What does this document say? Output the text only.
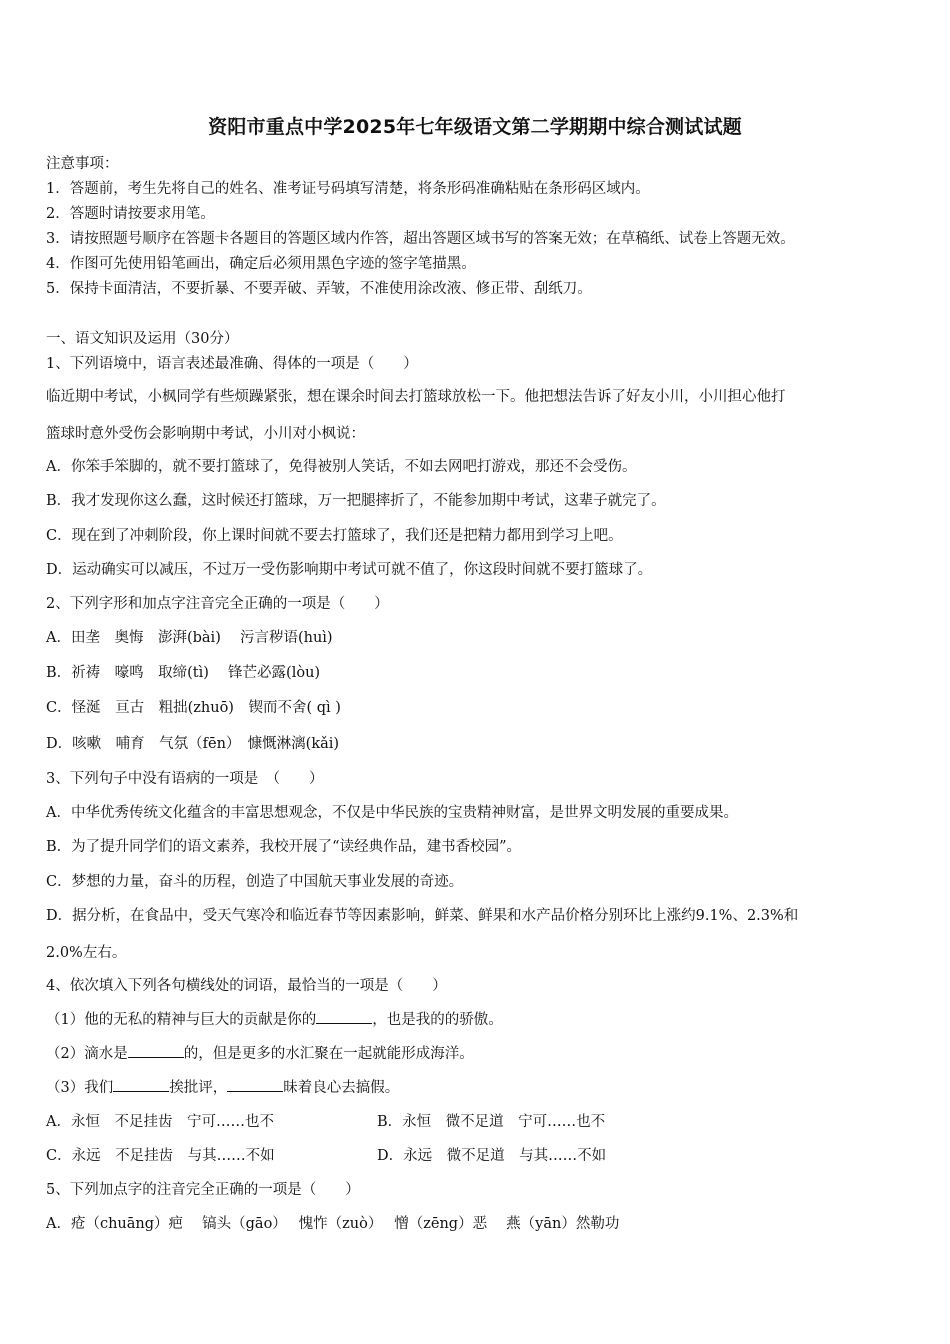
资阳市重点中学2025年七年级语文第二学期期中综合测试试题
注意事项：
1．答题前，考生先将自己的姓名、准考证号码填写清楚，将条形码准确粘贴在条形码区域内。
2．答题时请按要求用笔。
3．请按照题号顺序在答题卡各题目的答题区域内作答，超出答题区域书写的答案无效；在草稿纸、试卷上答题无效。
4．作图可先使用铅笔画出，确定后必须用黑色字迹的签字笔描黑。
5．保持卡面清洁，不要折暴、不要弄破、弄皱，不准使用涂改液、修正带、刮纸刀。
一、语文知识及运用（30分）
1、下列语境中，语言表述最准确、得体的一项是（　　）
临近期中考试，小枫同学有些烦躁紧张，想在课余时间去打篮球放松一下。他把想法告诉了好友小川，小川担心他打
篮球时意外受伤会影响期中考试，小川对小枫说：
A．你笨手笨脚的，就不要打篮球了，免得被别人笑话，不如去网吧打游戏，那还不会受伤。
B．我才发现你这么蠢，这时候还打篮球，万一把腿摔折了，不能参加期中考试，这辈子就完了。
C．现在到了冲刺阶段，你上课时间就不要去打篮球了，我们还是把精力都用到学习上吧。
D．运动确实可以减压，不过万一受伤影响期中考试可就不值了，你这段时间就不要打篮球了。
2、下列字形和加点字注音完全正确的一项是（　　）
A．田垄　奥悔　澎湃(bài)　 污言秽语(huì)
B．祈祷　嚎鸣　取缔(tì)　 锋芒必露(lòu)
C．怪涎　亘古　粗拙(zhuō)　锲而不舍( qì )
D．咳嗽　哺育　气氛（fēn）　慷慨淋漓(kǎi)
3、下列句子中没有语病的一项是　（　　）
A．中华优秀传统文化蕴含的丰富思想观念，不仅是中华民族的宝贵精神财富，是世界文明发展的重要成果。
B．为了提升同学们的语文素养，我校开展了“读经典作品，建书香校园”。
C．梦想的力量，奋斗的历程，创造了中国航天事业发展的奇迹。
D．据分析，在食品中，受天气寒冷和临近春节等因素影响，鲜菜、鲜果和水产品价格分别环比上涨约9.1%、2.3%和
2.0%左右。
4、依次填入下列各句横线处的词语，最恰当的一项是（　　）
（1）他的无私的精神与巨大的贡献是你的	，也是我的的骄傲。
（2）滴水是	的，但是更多的水汇聚在一起就能形成海洋。
（3）我们	挨批评，	昧着良心去搞假。
A．永恒　不足挂齿　宁可……也不	B．永恒　微不足道　宁可……也不
C．永远　不足挂齿　与其……不如	D．永远　微不足道　与其……不如
5、下列加点字的注音完全正确的一项是（　　）
A．疮（chuāng）疤　 镐头（gāo）　 愧怍（zuò）　 憎（zēng）恶　 燕（yān）然勒功
